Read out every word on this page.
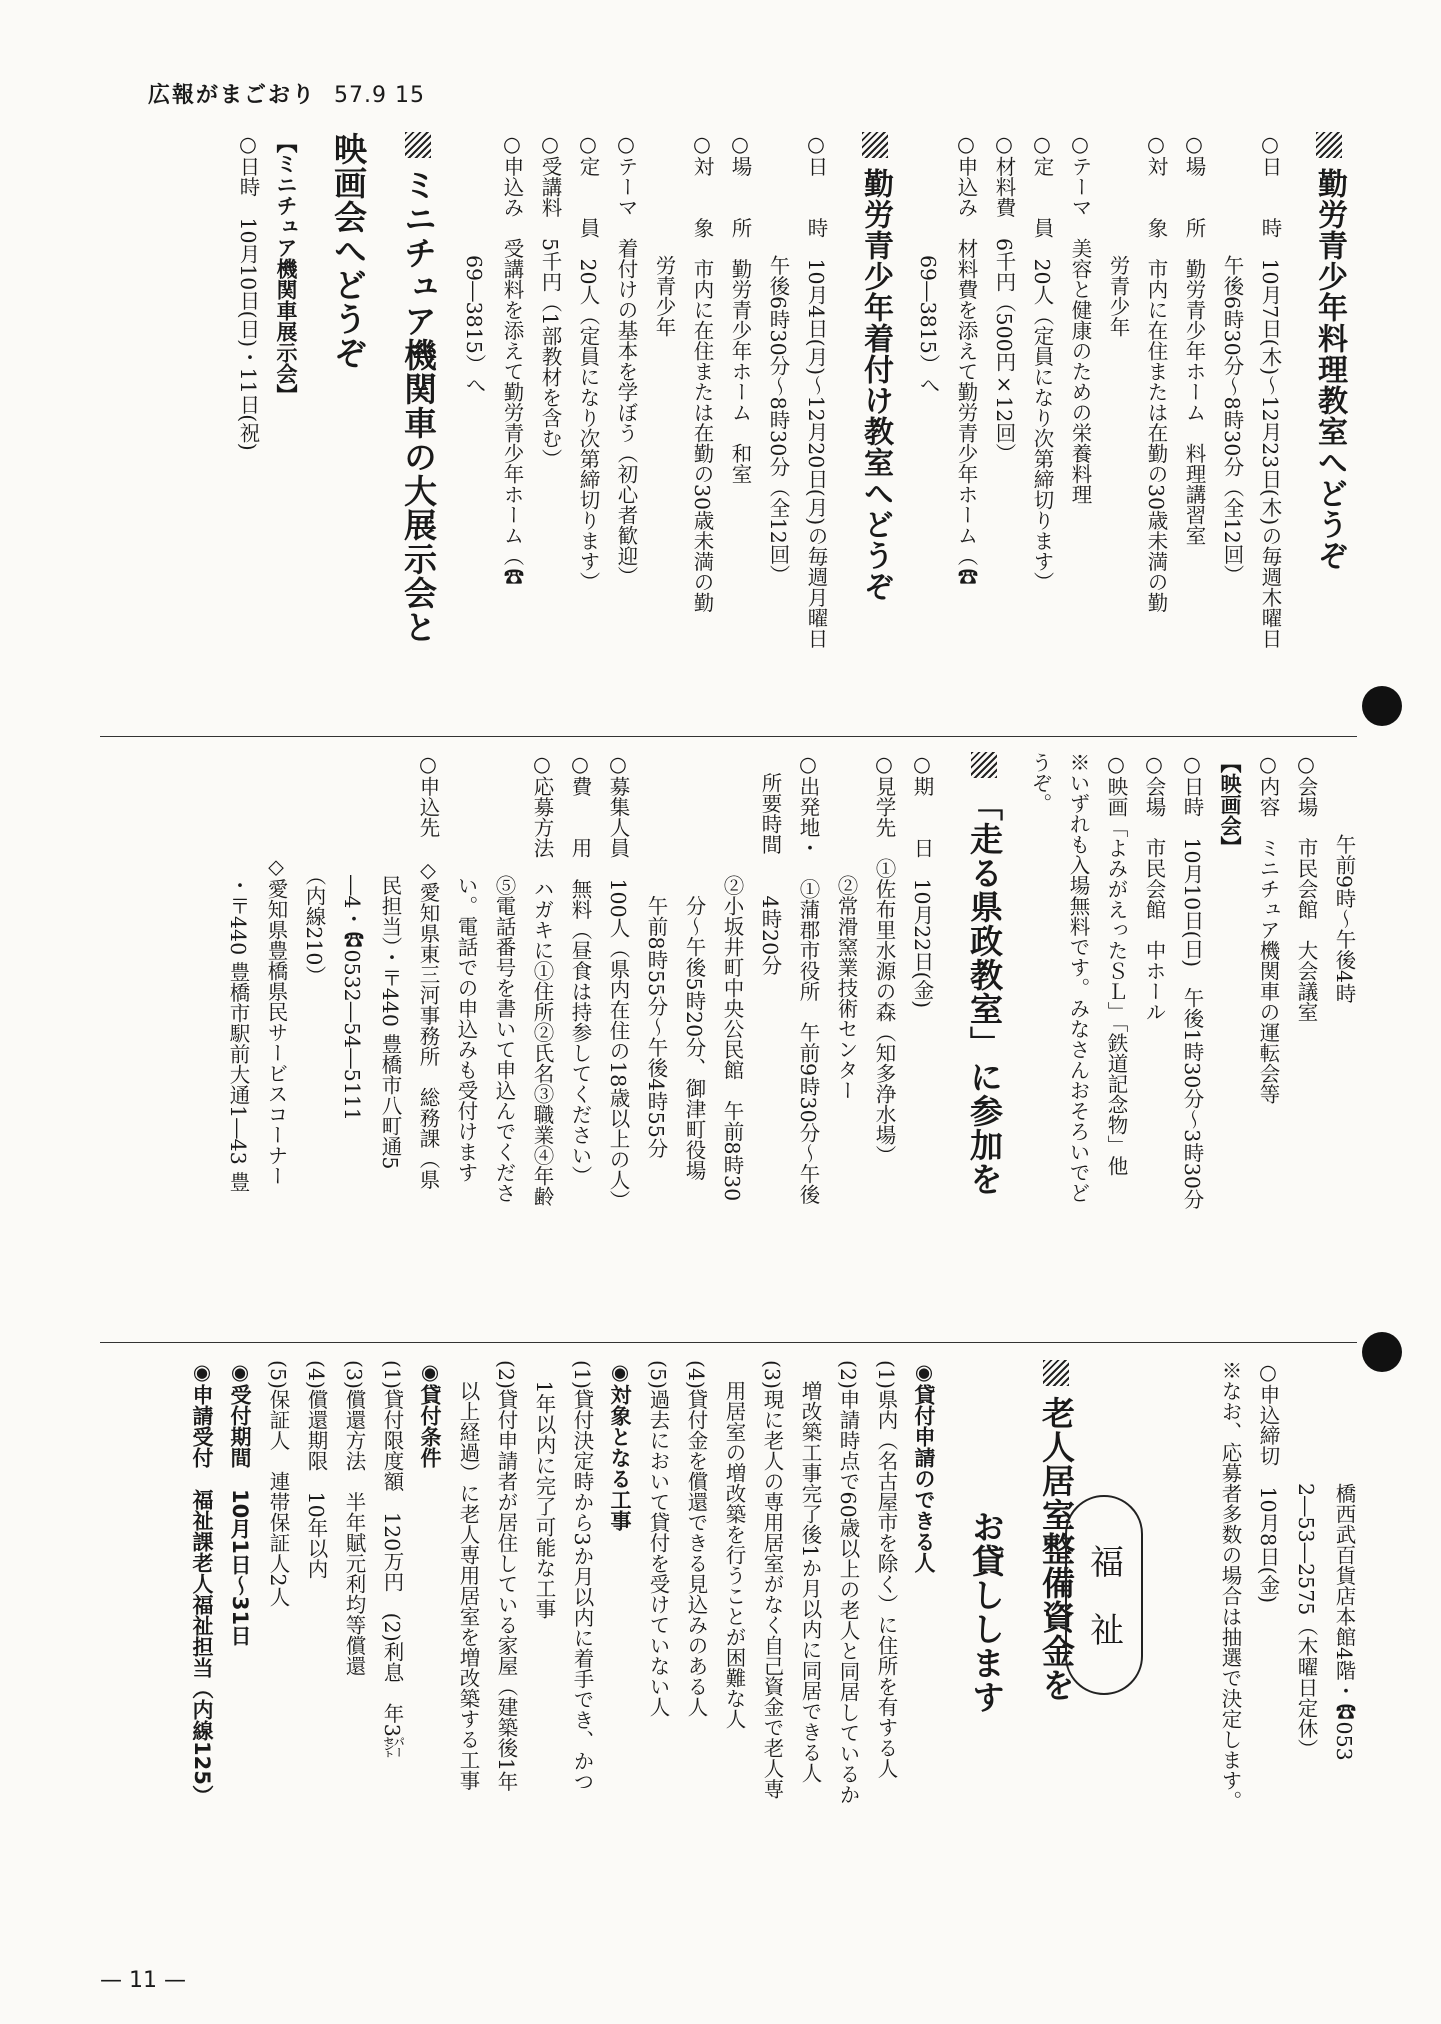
広報がまごおり 57.9 15
勤労青少年料理教室へどうぞ

○日　　時　10月7日(木)～12月23日(木)の毎週木曜日

　　　　　　午後6時30分～8時30分（全12回）

○場　　所　勤労青少年ホーム　料理講習室

○対　　象　市内に在住または在勤の30歳未満の勤

　　　　　　労青少年

○テーマ　美容と健康のための栄養料理

○定　　員　20人（定員になり次第締切ります）

○材料費　6千円（500円×12回）

○申込み　材料費を添えて勤労青少年ホーム（☎

　　　　　　69―3815）へ

勤労青少年着付け教室へどうぞ

○日　　時　10月4日(月)～12月20日(月)の毎週月曜日

　　　　　　午後6時30分～8時30分（全12回）

○場　　所　勤労青少年ホーム　和室

○対　　象　市内に在住または在勤の30歳未満の勤

　　　　　　労青少年

○テーマ　着付けの基本を学ぼう（初心者歓迎）

○定　　員　20人（定員になり次第締切ります）

○受講料　5千円（1部教材を含む）

○申込み　受講料を添えて勤労青少年ホーム（☎

　　　　　　69―3815）へ

ミニチュア機関車の大展示会と
映画会へどうぞ

【ミニチュア機関車展示会】

○日時　10月10日(日)・11日(祝)

　　　　午前9時～午後4時

○会場　市民会館　大会議室

○内容　ミニチュア機関車の運転会等

【映画会】

○日時　10月10日(日)　午後1時30分～3時30分

○会場　市民会館　中ホール

○映画「よみがえったＳＬ」「鉄道記念物」他

※いずれも入場無料です。みなさんおそろいでど

うぞ。

「走る県政教室」に参加を

○期　　日　10月22日(金)

○見学先　①佐布里水源の森（知多浄水場）

　　　　　　②常滑窯業技術センター

○出発地・　①蒲郡市役所　午前9時30分～午後

　所要時間　　4時20分

　　　　　　②小坂井町中央公民館　午前8時30

　　　　　　　分～午後5時20分、御津町役場

　　　　　　　午前8時55分～午後4時55分

○募集人員　100人（県内在住の18歳以上の人）

○費　　用　無料（昼食は持参してください）

○応募方法　ハガキに①住所②氏名③職業④年齢

　　　　　　⑤電話番号を書いて申込んでくださ

　　　　　　い。電話での申込みも受付けます

○申込先　◇愛知県東三河事務所　総務課（県

　　　　　　民担当）・〒440 豊橋市八町通5

　　　　　　―4・☎0532―54―5111

　　　　　　（内線210）

　　　　　◇愛知県豊橋県民サービスコーナー

　　　　　　・〒440 豊橋市駅前大通1―43 豊

　　　　　　橋西武百貨店本館4階・☎053

　　　　　　2―53―2575（木曜日定休）

○申込締切　10月8日(金)

※なお、応募者多数の場合は抽選で決定します。

老人居室整備資金を
お貸しします

◉貸付申請のできる人

(1)県内（名古屋市を除く）に住所を有する人

(2)申請時点で60歳以上の老人と同居しているか

　増改築工事完了後1か月以内に同居できる人

(3)現に老人の専用居室がなく自己資金で老人専

　用居室の増改築を行うことが困難な人

(4)貸付金を償還できる見込みのある人

(5)過去において貸付を受けていない人

◉対象となる工事

(1)貸付決定時から3か月以内に着手でき、かつ

　1年以内に完了可能な工事

(2)貸付申請者が居住している家屋（建築後1年

　以上経過）に老人専用居室を増改築する工事

◉貸付条件

(1)貸付限度額　120万円　(2)利息　年3㌫

(3)償還方法　半年賦元利均等償還

(4)償還期限　10年以内

(5)保証人　連帯保証人2人

◉受付期間　10月1日～31日

◉申請受付　福祉課老人福祉担当（内線125）	福祉
— 11 —
